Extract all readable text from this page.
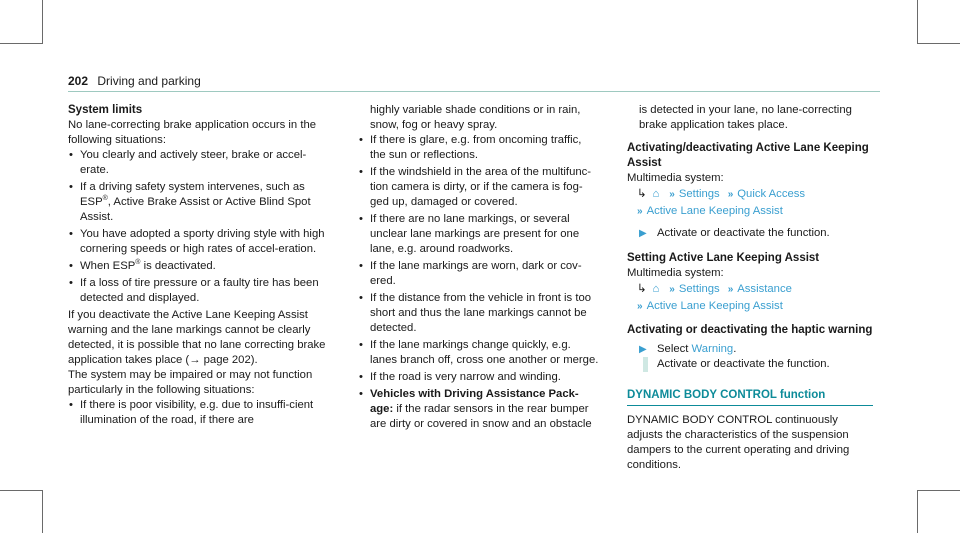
202 Driving and parking
System limits

No lane-correcting brake application occurs in the following situations:

• You clearly and actively steer, brake or accel-erate.
• If a driving safety system intervenes, such as ESP®, Active Brake Assist or Active Blind Spot Assist.
• You have adopted a sporty driving style with high cornering speeds or high rates of accel-eration.
• When ESP® is deactivated.
• If a loss of tire pressure or a faulty tire has been detected and displayed.

If you deactivate the Active Lane Keeping Assist warning and the lane markings cannot be clearly detected, it is possible that no lane correcting brake application takes place (→ page 202).

The system may be impaired or may not function particularly in the following situations:

• If there is poor visibility, e.g. due to insuffi-cient illumination of the road, if there are

highly variable shade conditions or in rain, snow, fog or heavy spray.

• If there is glare, e.g. from oncoming traffic, the sun or reflections.
• If the windshield in the area of the multifunc-tion camera is dirty, or if the camera is fog-ged up, damaged or covered.
• If there are no lane markings, or several unclear lane markings are present for one lane, e.g. around roadworks.
• If the lane markings are worn, dark or cov-ered.
• If the distance from the vehicle in front is too short and thus the lane markings cannot be detected.
• If the lane markings change quickly, e.g. lanes branch off, cross one another or merge.
• If the road is very narrow and winding.
• Vehicles with Driving Assistance Pack-age: if the radar sensors in the rear bumper are dirty or covered in snow and an obstacle

is detected in your lane, no lane-correcting brake application takes place.

Activating/deactivating Active Lane Keeping Assist

Multimedia system:

↳ ⌂ » Settings » Quick Access
» Active Lane Keeping Assist
▶ Activate or deactivate the function.
Setting Active Lane Keeping Assist

Multimedia system:

↳ ⌂ » Settings » Assistance
» Active Lane Keeping Assist
Activating or deactivating the haptic warning
▶ Select Warning.
Activate or deactivate the function.
DYNAMIC BODY CONTROL function

DYNAMIC BODY CONTROL continuously adjusts the characteristics of the suspension dampers to the current operating and driving conditions.
